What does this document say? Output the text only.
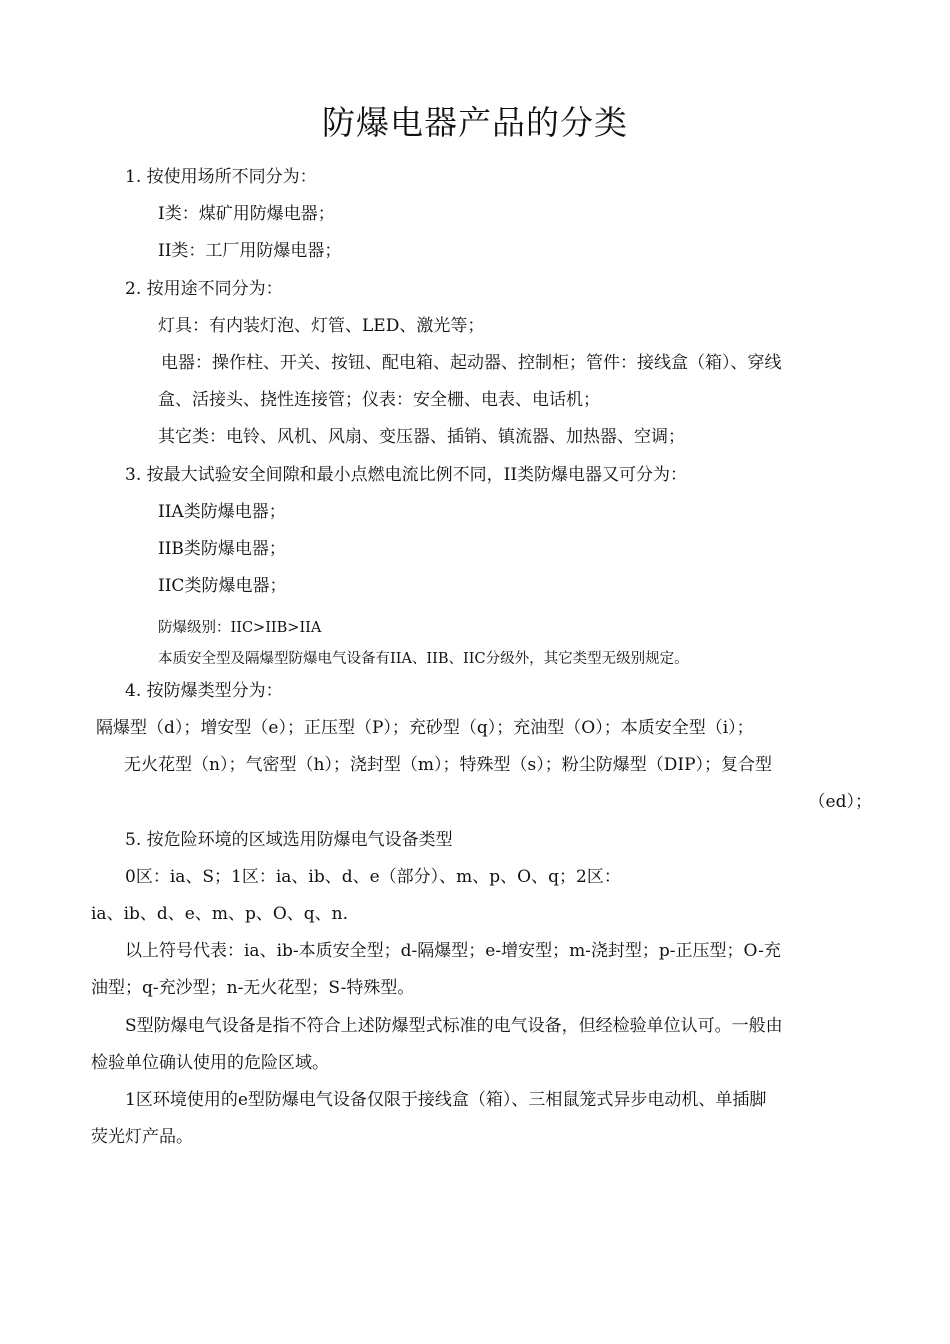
防爆电器产品的分类
1. 按使用场所不同分为：
I类：煤矿用防爆电器；
II类：工厂用防爆电器；
2. 按用途不同分为：
灯具：有内装灯泡、灯管、LED、激光等；
电器：操作柱、开关、按钮、配电箱、起动器、控制柜；管件：接线盒（箱）、穿线
盒、活接头、挠性连接管；仪表：安全栅、电表、电话机；
其它类：电铃、风机、风扇、变压器、插销、镇流器、加热器、空调；
3. 按最大试验安全间隙和最小点燃电流比例不同，II类防爆电器又可分为：
IIA类防爆电器；
IIB类防爆电器；
IIC类防爆电器；
防爆级别：IIC>IIB>IIA
本质安全型及隔爆型防爆电气设备有IIA、IIB、IIC分级外，其它类型无级别规定。
4. 按防爆类型分为：
隔爆型（d）；增安型（e）；正压型（P）；充砂型（q）；充油型（O）；本质安全型（i）；
无火花型（n）；气密型（h）；浇封型（m）；特殊型（s）；粉尘防爆型（DIP）；复合型
（ed）；
5. 按危险环境的区域选用防爆电气设备类型
0区：ia、S；1区：ia、ib、d、e（部分）、m、p、O、q；2区：
ia、ib、d、e、m、p、O、q、n.
以上符号代表：ia、ib-本质安全型；d-隔爆型；e-增安型；m-浇封型；p-正压型；O-充
油型；q-充沙型；n-无火花型；S-特殊型。
S型防爆电气设备是指不符合上述防爆型式标准的电气设备，但经检验单位认可。一般由
检验单位确认使用的危险区域。
1区环境使用的e型防爆电气设备仅限于接线盒（箱）、三相鼠笼式异步电动机、单插脚
荧光灯产品。
